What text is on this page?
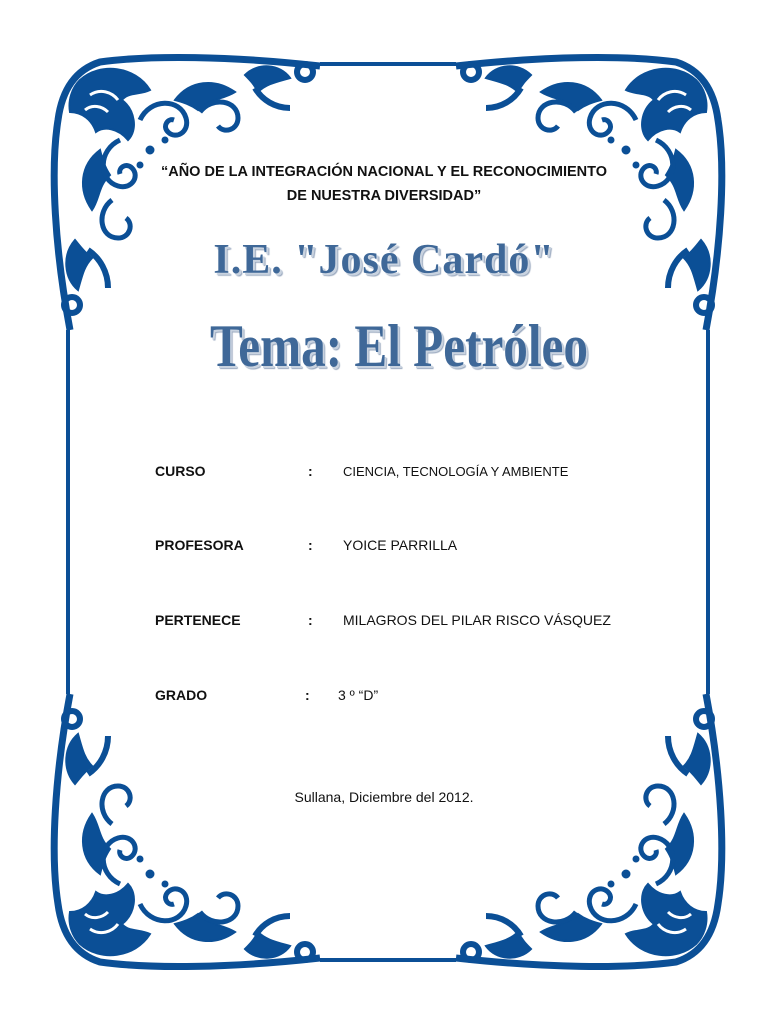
“AÑO DE LA INTEGRACIÓN NACIONAL Y EL RECONOCIMIENTO
DE NUESTRA DIVERSIDAD”
I.E. "José Cardó"
Tema: El Petróleo
CURSO	: CIENCIA, TECNOLOGÍA Y AMBIENTE
PROFESORA	: YOICE PARRILLA
PERTENECE	: MILAGROS DEL PILAR RISCO VÁSQUEZ
GRADO	: 3 º “D”
Sullana, Diciembre del 2012.
